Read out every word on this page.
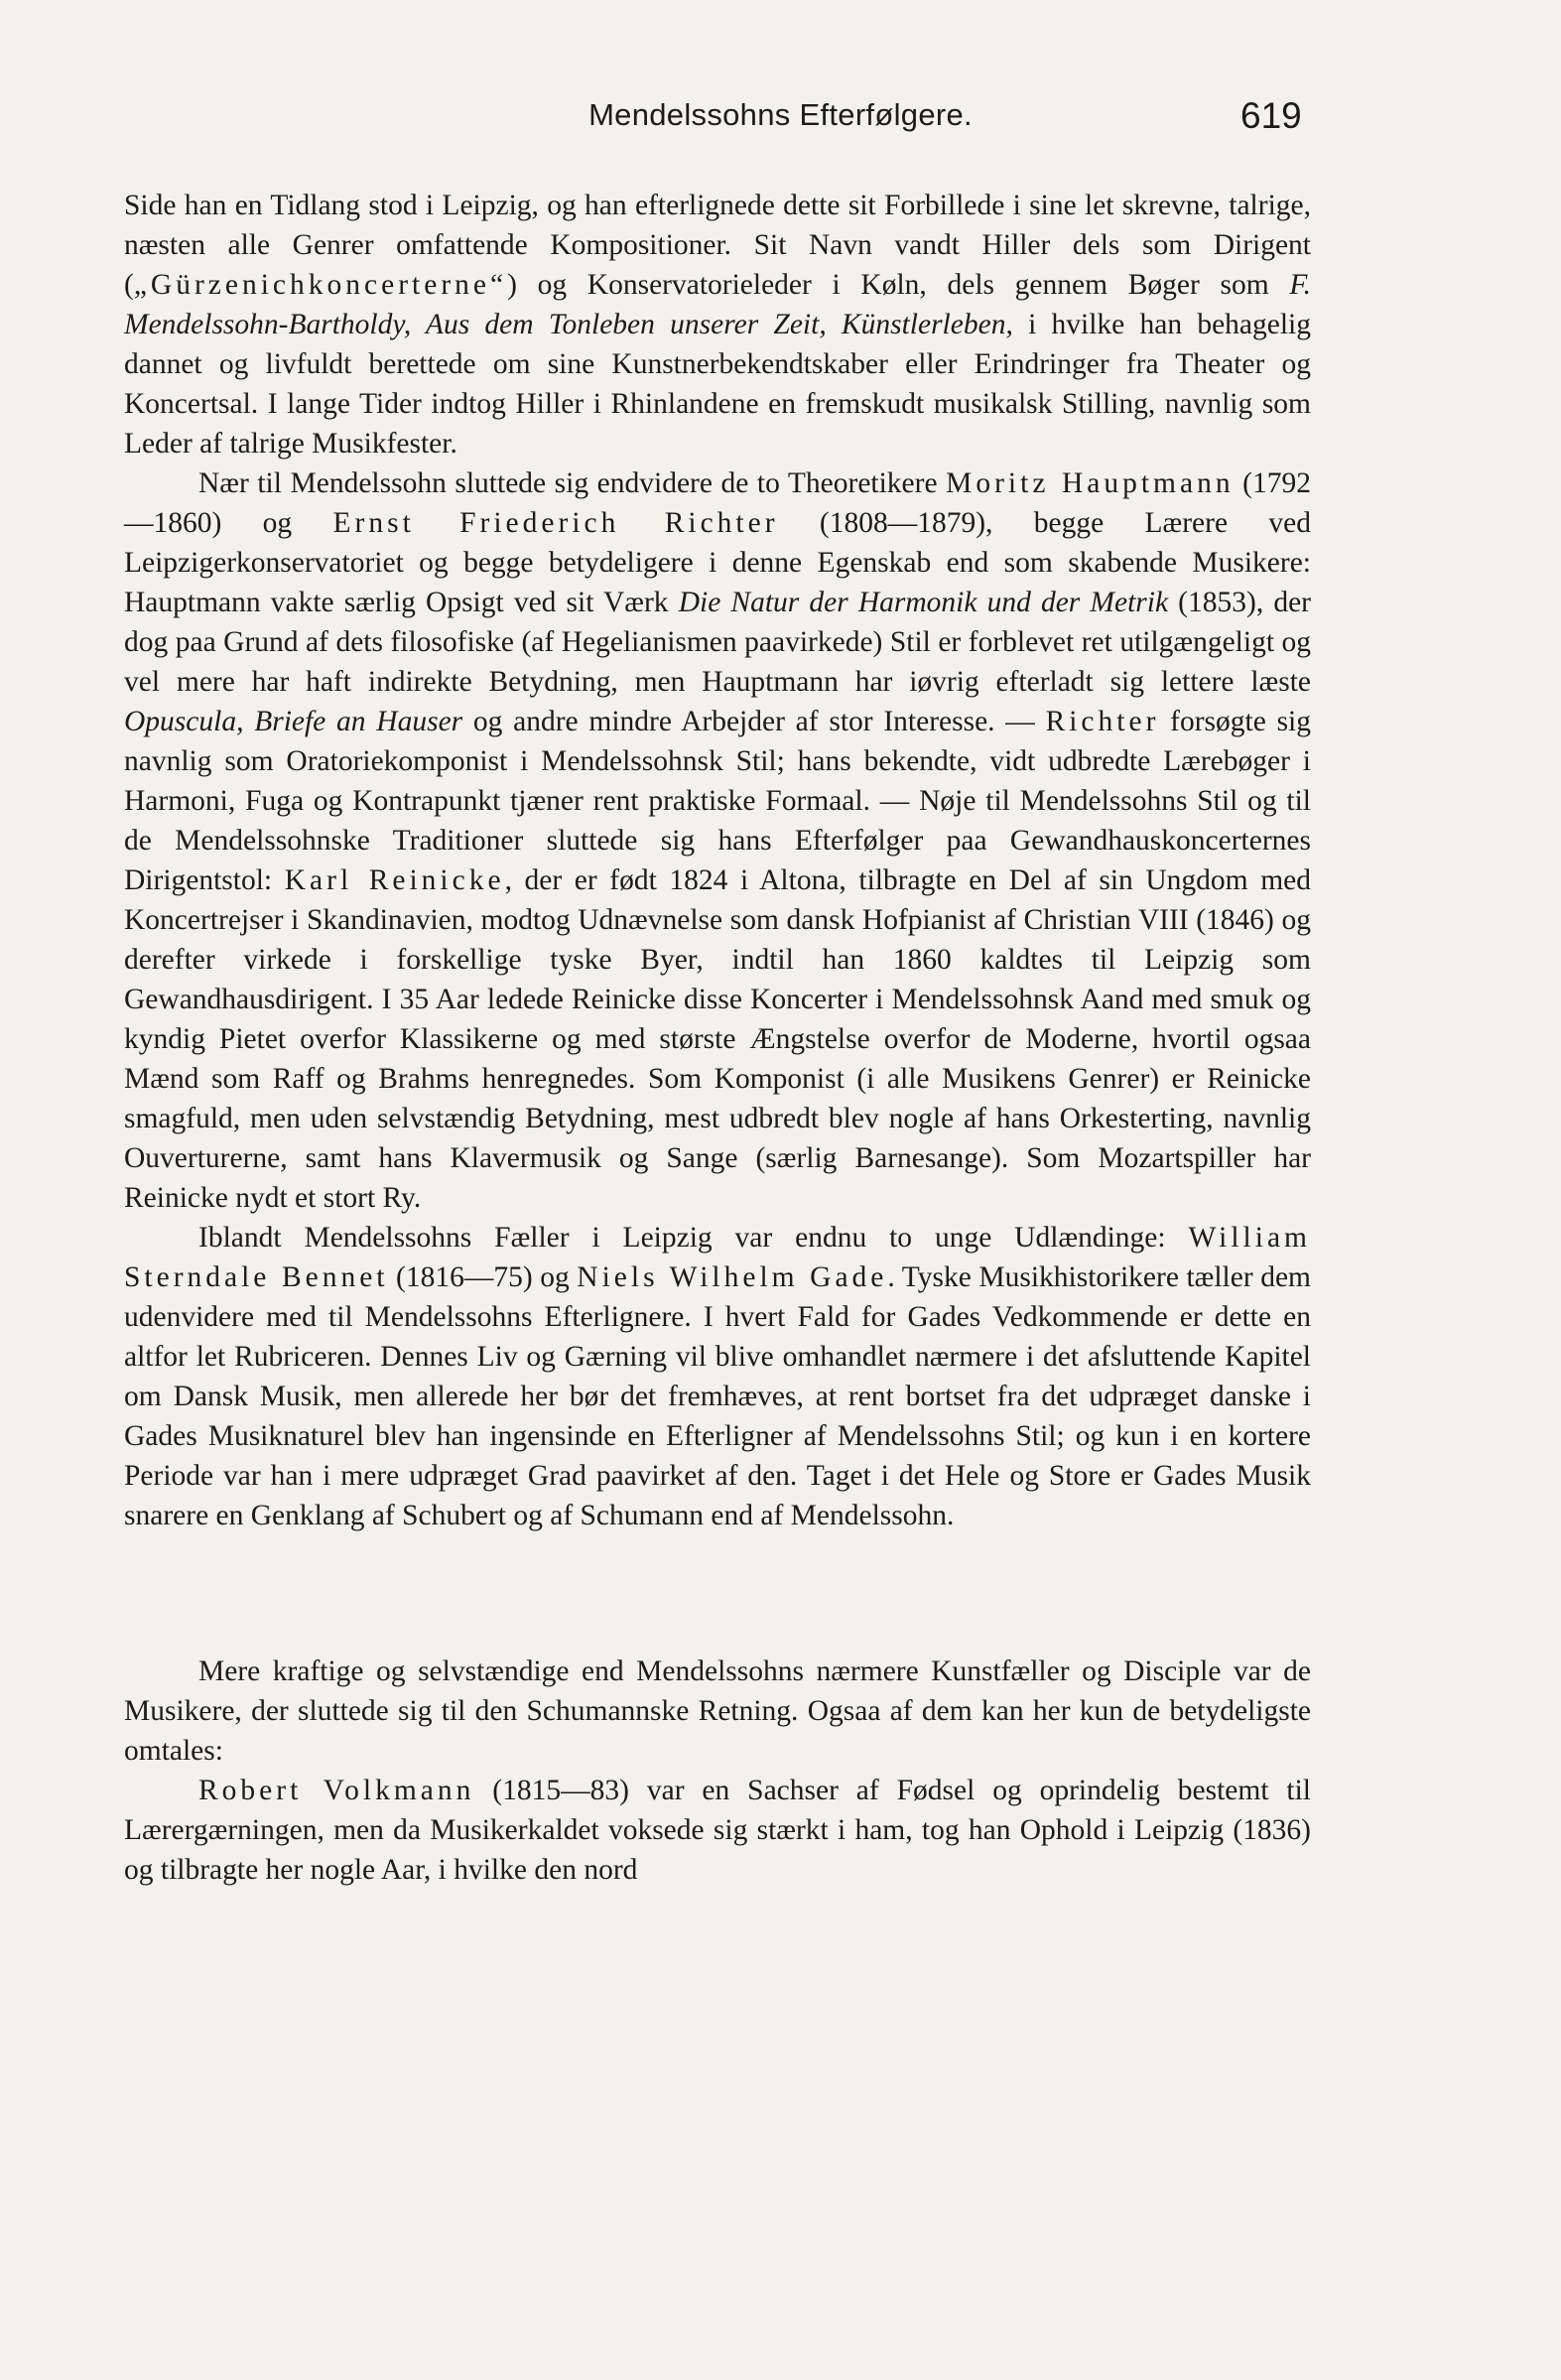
Mendelssohns Efterfølgere.	619

Side han en Tidlang stod i Leipzig, og han efterlignede dette sit Forbillede i sine let skrevne, talrige, næsten alle Genrer omfattende Kompositioner. Sit Navn vandt Hiller dels som Dirigent („Gürzenichkoncerterne“) og Konservatorieleder i Køln, dels gennem Bøger som F. Mendelssohn-Bartholdy, Aus dem Tonleben unserer Zeit, Künstlerleben, i hvilke han behagelig dannet og livfuldt berettede om sine Kunstnerbekendtskaber eller Erindringer fra Theater og Koncertsal. I lange Tider indtog Hiller i Rhinlandene en fremskudt musikalsk Stilling, navnlig som Leder af talrige Musikfester.

Nær til Mendelssohn sluttede sig endvidere de to Theoretikere Moritz Hauptmann (1792—1860) og Ernst Friederich Richter (1808—1879), begge Lærere ved Leipzigerkonservatoriet og begge betydeligere i denne Egenskab end som skabende Musikere: Hauptmann vakte særlig Opsigt ved sit Værk Die Natur der Harmonik und der Metrik (1853), der dog paa Grund af dets filosofiske (af Hegelianismen paavirkede) Stil er forblevet ret utilgængeligt og vel mere har haft indirekte Betydning, men Hauptmann har iøvrig efterladt sig lettere læste Opuscula, Briefe an Hauser og andre mindre Arbejder af stor Interesse. — Richter forsøgte sig navnlig som Oratoriekomponist i Mendelssohnsk Stil; hans bekendte, vidt udbredte Lærebøger i Harmoni, Fuga og Kontrapunkt tjæner rent praktiske Formaal. — Nøje til Mendelssohns Stil og til de Mendelssohnske Traditioner sluttede sig hans Efterfølger paa Gewandhauskoncerternes Dirigentstol: Karl Reinicke, der er født 1824 i Altona, tilbragte en Del af sin Ungdom med Koncertrejser i Skandinavien, modtog Udnævnelse som dansk Hofpianist af Christian VIII (1846) og derefter virkede i forskellige tyske Byer, indtil han 1860 kaldtes til Leipzig som Gewandhausdirigent. I 35 Aar ledede Reinicke disse Koncerter i Mendelssohnsk Aand med smuk og kyndig Pietet overfor Klassikerne og med største Ængstelse overfor de Moderne, hvortil ogsaa Mænd som Raff og Brahms henregnedes. Som Komponist (i alle Musikens Genrer) er Reinicke smagfuld, men uden selvstændig Betydning, mest udbredt blev nogle af hans Orkesterting, navnlig Ouverturerne, samt hans Klavermusik og Sange (særlig Barnesange). Som Mozartspiller har Reinicke nydt et stort Ry.

Iblandt Mendelssohns Fæller i Leipzig var endnu to unge Udlændinge: William Sterndale Bennet (1816—75) og Niels Wilhelm Gade. Tyske Musikhistorikere tæller dem udenvidere med til Mendelssohns Efterlignere. I hvert Fald for Gades Vedkommende er dette en altfor let Rubriceren. Dennes Liv og Gærning vil blive omhandlet nærmere i det afsluttende Kapitel om Dansk Musik, men allerede her bør det fremhæves, at rent bortset fra det udpræget danske i Gades Musiknaturel blev han ingensinde en Efterligner af Mendelssohns Stil; og kun i en kortere Periode var han i mere udpræget Grad paavirket af den. Taget i det Hele og Store er Gades Musik snarere en Genklang af Schubert og af Schumann end af Mendelssohn.

Mere kraftige og selvstændige end Mendelssohns nærmere Kunstfæller og Disciple var de Musikere, der sluttede sig til den Schumannske Retning. Ogsaa af dem kan her kun de betydeligste omtales:

Robert Volkmann (1815—83) var en Sachser af Fødsel og oprindelig bestemt til Lærergærningen, men da Musikerkaldet voksede sig stærkt i ham, tog han Ophold i Leipzig (1836) og tilbragte her nogle Aar, i hvilke den nord
